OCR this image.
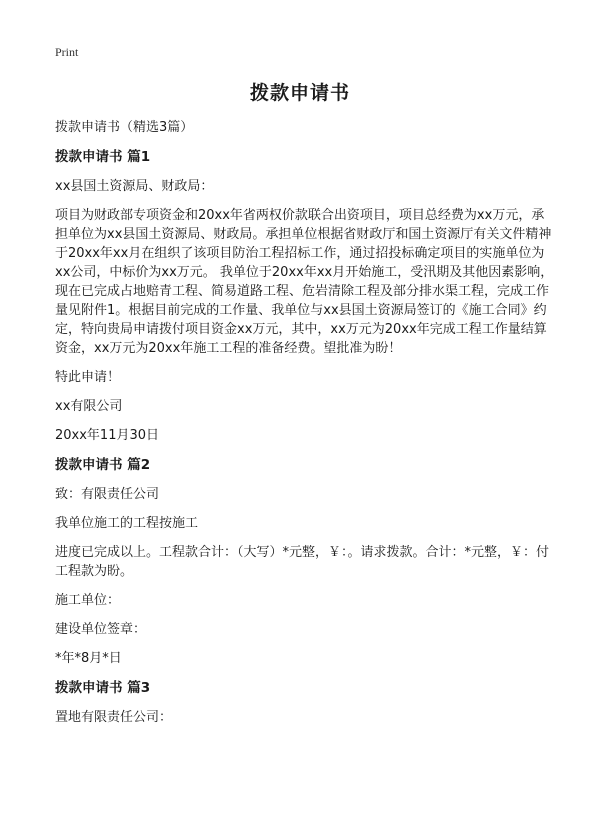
Print
拨款申请书

拨款申请书（精选3篇）

拨款申请书 篇1

xx县国土资源局、财政局：

项目为财政部专项资金和20xx年省两权价款联合出资项目，项目总经费为xx万元，承担单位为xx县国土资源局、财政局。承担单位根据省财政厅和国土资源厅有关文件精神于20xx年xx月在组织了该项目防治工程招标工作，通过招投标确定项目的实施单位为xx公司，中标价为xx万元。 我单位于20xx年xx月开始施工，受汛期及其他因素影响，现在已完成占地赔青工程、简易道路工程、危岩清除工程及部分排水渠工程，完成工作量见附件1。根据目前完成的工作量、我单位与xx县国土资源局签订的《施工合同》约定，特向贵局申请拨付项目资金xx万元，其中，xx万元为20xx年完成工程工作量结算资金，xx万元为20xx年施工工程的准备经费。望批准为盼！

特此申请！

xx有限公司

20xx年11月30日

拨款申请书 篇2

致：有限责任公司

我单位施工的工程按施工

进度已完成以上。工程款合计：（大写）*元整，￥：。请求拨款。合计：*元整，￥：付工程款为盼。

施工单位：

建设单位签章：

*年*8月*日

拨款申请书 篇3

置地有限责任公司：
